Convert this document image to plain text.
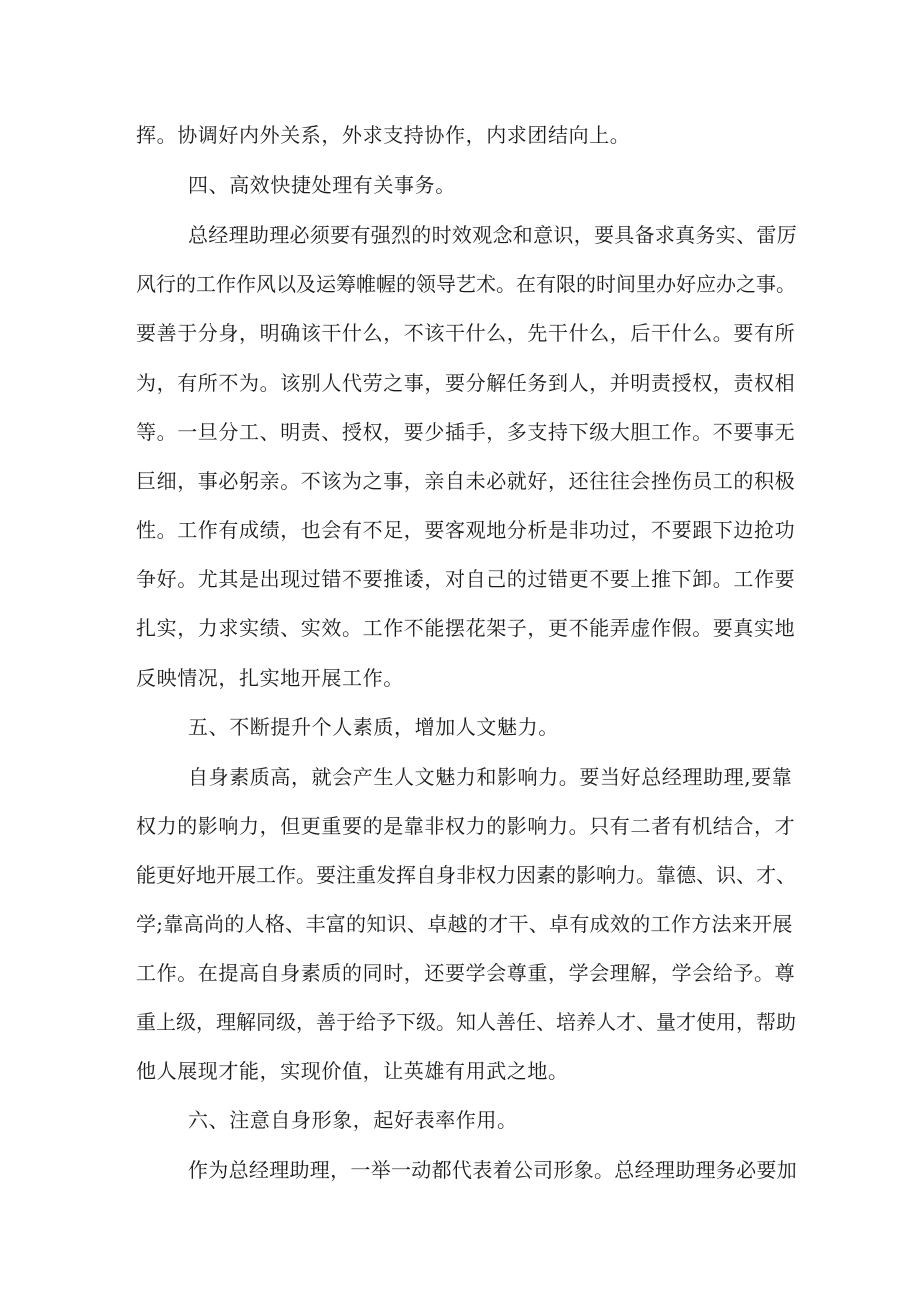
挥。协调好内外关系，外求支持协作，内求团结向上。

四、高效快捷处理有关事务。

总经理助理必须要有强烈的时效观念和意识，要具备求真务实、雷厉

风行的工作作风以及运筹帷幄的领导艺术。在有限的时间里办好应办之事。

要善于分身，明确该干什么，不该干什么，先干什么，后干什么。要有所

为，有所不为。该别人代劳之事，要分解任务到人，并明责授权，责权相

等。一旦分工、明责、授权，要少插手，多支持下级大胆工作。不要事无

巨细，事必躬亲。不该为之事，亲自未必就好，还往往会挫伤员工的积极

性。工作有成绩，也会有不足，要客观地分析是非功过，不要跟下边抢功

争好。尤其是出现过错不要推诿，对自己的过错更不要上推下卸。工作要

扎实，力求实绩、实效。工作不能摆花架子，更不能弄虚作假。要真实地

反映情况，扎实地开展工作。

五、不断提升个人素质，增加人文魅力。

自身素质高，就会产生人文魅力和影响力。要当好总经理助理,要靠

权力的影响力，但更重要的是靠非权力的影响力。只有二者有机结合，才

能更好地开展工作。要注重发挥自身非权力因素的影响力。靠德、识、才、

学;靠高尚的人格、丰富的知识、卓越的才干、卓有成效的工作方法来开展

工作。在提高自身素质的同时，还要学会尊重，学会理解，学会给予。尊

重上级，理解同级，善于给予下级。知人善任、培养人才、量才使用，帮助

他人展现才能，实现价值，让英雄有用武之地。

六、注意自身形象，起好表率作用。

作为总经理助理，一举一动都代表着公司形象。总经理助理务必要加
